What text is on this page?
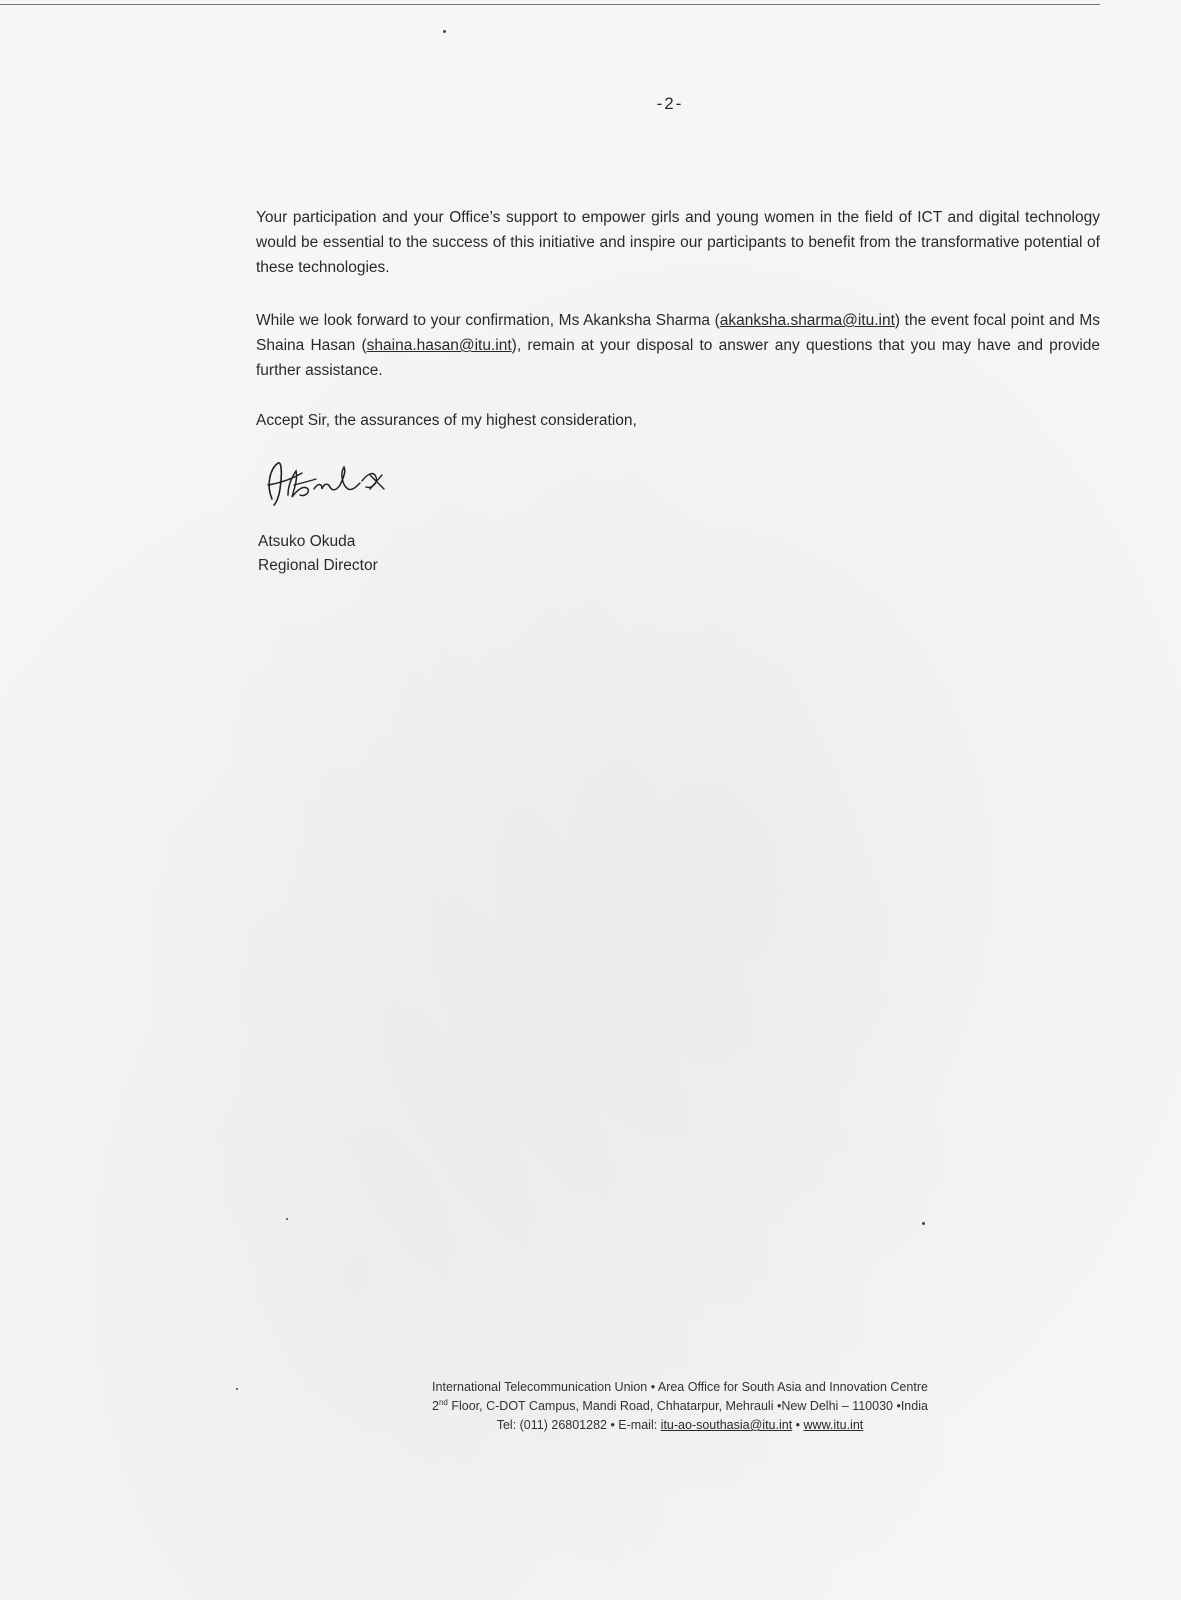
-2-

Your participation and your Office’s support to empower girls and young women in the field of ICT and digital technology would be essential to the success of this initiative and inspire our participants to benefit from the transformative potential of these technologies.

While we look forward to your confirmation, Ms Akanksha Sharma (akanksha.sharma@itu.int) the event focal point and Ms Shaina Hasan (shaina.hasan@itu.int), remain at your disposal to answer any questions that you may have and provide further assistance.

Accept Sir, the assurances of my highest consideration,

Atsuko Okuda
Regional Director
International Telecommunication Union • Area Office for South Asia and Innovation Centre
2nd Floor, C-DOT Campus, Mandi Road, Chhatarpur, Mehrauli •New Delhi – 110030 •India
Tel: (011) 26801282 • E-mail: itu-ao-southasia@itu.int • www.itu.int
